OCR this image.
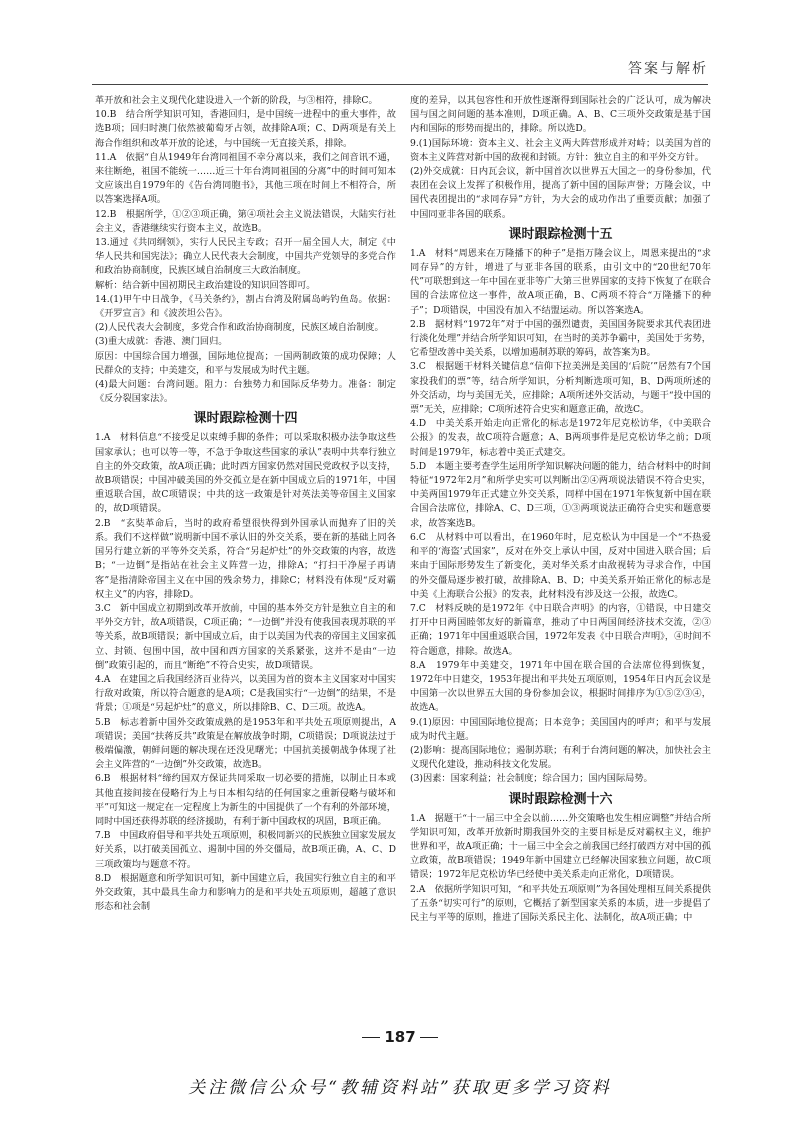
答案与解析

革开放和社会主义现代化建设进入一个新的阶段，与③相符，排除C。

10.B　结合所学知识可知，香港回归，是中国统一进程中的重大事件，故选B项；回归时澳门依然被葡萄牙占领，故排除A项；C、D两项是有关上海合作组织和改革开放的论述，与中国统一无直接关系，排除。

11.A　依据“自从1949年台湾同祖国不幸分离以来，我们之间音讯不通，来往断绝，祖国不能统一……近三十年台湾同祖国的分离”中的时间可知本文应该出自1979年的《告台湾同胞书》，其他三项在时间上不相符合，所以答案选择A项。

12.B　根据所学，①②③项正确，第④项社会主义说法错误，大陆实行社会主义，香港继续实行资本主义，故选B。

13.通过《共同纲领》，实行人民民主专政；召开一届全国人大，制定《中华人民共和国宪法》；确立人民代表大会制度，中国共产党领导的多党合作和政治协商制度，民族区域自治制度三大政治制度。

解析：结合新中国初期民主政治建设的知识回答即可。

14.(1)甲午中日战争，《马关条约》，割占台湾及附属岛屿钓鱼岛。依据：《开罗宣言》和《波茨坦公告》。

(2)人民代表大会制度，多党合作和政治协商制度，民族区域自治制度。

(3)重大成就：香港、澳门回归。

原因：中国综合国力增强，国际地位提高；一国两制政策的成功保障；人民群众的支持；中美建交，和平与发展成为时代主题。

(4)最大问题：台湾问题。阻力：台独势力和国际反华势力。准备：制定《反分裂国家法》。

课时跟踪检测十四

1.A　材料信息“不接受足以束缚手脚的条件；可以采取积极办法争取这些国家承认；也可以等一等，不急于争取这些国家的承认”表明中共奉行独立自主的外交政策，故A项正确；此时西方国家仍然对国民党政权予以支持，故B项错误；中国冲破美国的外交孤立是在新中国成立后的1971年，中国重返联合国，故C项错误；中共的这一政策是针对英法美等帝国主义国家的，故D项错误。

2.B　“玄奘革命后，当时的政府希望很快得到外国承认而抛弃了旧的关系。我们不这样做”说明新中国不承认旧的外交关系，要在新的基础上同各国另行建立新的平等外交关系，符合“另起炉灶”的外交政策的内容，故选B；“一边倒”是指站在社会主义阵营一边，排除A；“打扫干净屋子再请客”是指清除帝国主义在中国的残余势力，排除C；材料没有体现“反对霸权主义”的内容，排除D。

3.C　新中国成立初期到改革开放前，中国的基本外交方针是独立自主的和平外交方针，故A项错误，C项正确；“一边倒”并没有使我国表现苏联的平等关系，故B项错误；新中国成立后，由于以美国为代表的帝国主义国家孤立、封锁、包围中国，故中国和西方国家的关系紧张，这并不是由“一边倒”政策引起的，而且“断绝”不符合史实，故D项错误。

4.A　在建国之后我国经济百业待兴，以美国为首的资本主义国家对中国实行敌对政策，所以符合题意的是A项；C是我国实行“一边倒”的结果，不是背景；①项是“另起炉灶”的意义，所以排除B、C、D三项。故选A。

5.B　标志着新中国外交政策成熟的是1953年和平共处五项原则提出，A项错误；美国“扶蒋反共”政策是在解放战争时期，C项错误；D项说法过于极端偏激，朝鲜问题的解决现在还没见曙光；中国抗美援朝战争体现了社会主义阵营的“一边倒”外交政策，故选B。

6.B　根据材料“缔约国双方保证共同采取一切必要的措施，以制止日本或其他直接间接在侵略行为上与日本相勾结的任何国家之重新侵略与破坏和平”可知这一规定在一定程度上为新生的中国提供了一个有利的外部环境，同时中国还获得苏联的经济援助，有利于新中国政权的巩固，B项正确。

7.B　中国政府倡导和平共处五项原则，积极同新兴的民族独立国家发展友好关系，以打破美国孤立、遏制中国的外交僵局，故B项正确，A、C、D三项政策均与题意不符。

8.D　根据题意和所学知识可知，新中国建立后，我国实行独立自主的和平外交政策，其中最具生命力和影响力的是和平共处五项原则，超越了意识形态和社会制

度的差异，以其包容性和开放性逐渐得到国际社会的广泛认可，成为解决国与国之间问题的基本准则，D项正确。A、B、C三项外交政策是基于国内和国际的形势而提出的，排除。所以选D。

9.(1)国际环境：资本主义、社会主义两大阵营形成并对峙；以美国为首的资本主义阵营对新中国的敌视和封锁。方针：独立自主的和平外交方针。

(2)外交成就：日内瓦会议，新中国首次以世界五大国之一的身份参加，代表团在会议上发挥了积极作用，提高了新中国的国际声誉；万隆会议，中国代表团提出的“求同存异”方针，为大会的成功作出了重要贡献；加强了中国同亚非各国的联系。

课时跟踪检测十五

1.A　材料“周恩来在万隆播下的种子”是指万隆会议上，周恩来提出的“求同存异”的方针，增进了与亚非各国的联系，由引文中的“20世纪70年代”可联想到这一年中国在亚非等广大第三世界国家的支持下恢复了在联合国的合法席位这一事件，故A项正确，B、C两项不符合“万隆播下的种子”；D项错误，中国没有加入不结盟运动。所以答案选A。

2.B　据材料“1972年”对于中国的强烈谴责，美国国务院要求其代表团进行淡化处理”并结合所学知识可知，在当时的美苏争霸中，美国处于劣势，它希望改善中美关系，以增加遏制苏联的筹码，故答案为B。

3.C　根据题干材料关键信息“信仰下拉美洲是美国的‘后院’”居然有7个国家投我们的票”等，结合所学知识，分析判断选项可知，B、D两项所述的外交活动，均与美国无关，应排除；A项所述外交活动，与题干“投中国的票”无关，应排除；C项所述符合史实和题意正确，故选C。

4.D　中美关系开始走向正常化的标志是1972年尼克松访华，《中美联合公报》的发表，故C项符合题意；A、B两项事件是尼克松访华之前；D项时间是1979年，标志着中美正式建交。

5.D　本题主要考查学生运用所学知识解决问题的能力，结合材料中的时间特征“1972年2月”和所学史实可以判断出②④两项说法错误不符合史实，中美两国1979年正式建立外交关系，同样中国在1971年恢复新中国在联合国合法席位，排除A、C、D三项，①③两项说法正确符合史实和题意要求，故答案选B。

6.C　从材料中可以看出，在1960年时，尼克松认为中国是一个“不热爱和平的‘海盗’式国家”，反对在外交上承认中国，反对中国进入联合国；后来由于国际形势发生了新变化，美对华关系才由敌视转为寻求合作，中国的外交僵局逐步被打破，故排除A、B、D；中美关系开始正常化的标志是中美《上海联合公报》的发表，此材料没有涉及这一公报，故选C。

7.C　材料反映的是1972年《中日联合声明》的内容，①错误，中日建交打开中日两国睦邻友好的新篇章，推动了中日两国间经济技术交流，②③正确；1971年中国重返联合国，1972年发表《中日联合声明》，④时间不符合题意，排除。故选A。

8.A　1979年中美建交，1971年中国在联合国的合法席位得到恢复，1972年中日建交，1953年提出和平共处五项原则，1954年日内瓦会议是中国第一次以世界五大国的身份参加会议，根据时间排序为①⑤②③④，故选A。

9.(1)原因：中国国际地位提高；日本竞争；美国国内的呼声；和平与发展成为时代主题。

(2)影响：提高国际地位；遏制苏联；有利于台湾问题的解决，加快社会主义现代化建设，推动科技文化发展。

(3)因素：国家利益；社会制度；综合国力；国内国际局势。

课时跟踪检测十六

1.A　据题干“十一届三中全会以前……外交策略也发生相应调整”并结合所学知识可知，改革开放新时期我国外交的主要目标是反对霸权主义，维护世界和平，故A项正确；十一届三中全会之前我国已经打破西方对中国的孤立政策，故B项错误；1949年新中国建立已经解决国家独立问题，故C项错误；1972年尼克松访华已经使中美关系走向正常化，D项错误。

2.A　依据所学知识可知，“和平共处五项原则”为各国处理相互间关系提供了五条“切实可行”的原则，它概括了新型国家关系的本质，进一步提倡了民主与平等的原则，推进了国际关系民主化、法制化，故A项正确；中

187
关注微信公众号“教辅资料站”获取更多学习资料
